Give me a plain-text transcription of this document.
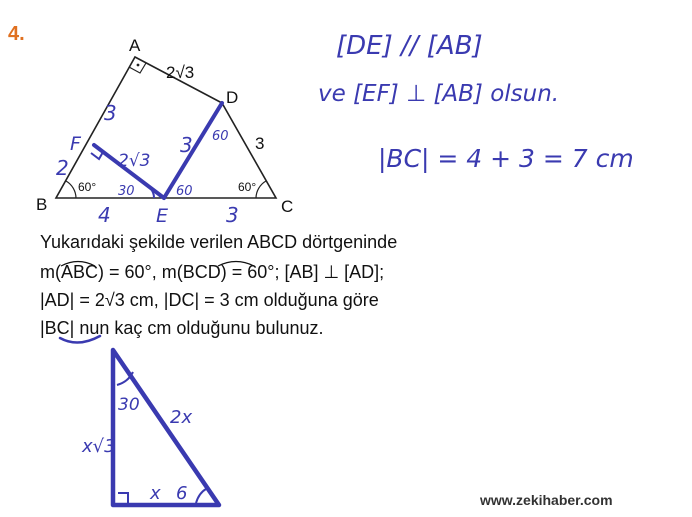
4.
A
B	C
D
2√3
3
60°	60°
F
E
3
2	2√3
3
4	3
30	60
60
[DE] // [AB]
ve [EF] ⊥ [AB] olsun.
|BC| = 4 + 3 = 7 cm
Yukarıdaki şekilde verilen ABCD dörtgeninde
m(ABC) = 60°, m(BCD) = 60°; [AB] ⊥ [AD];
|AD| = 2√3 cm, |DC| = 3 cm olduğuna göre
|BC| nun kaç cm olduğunu bulunuz.
30
2x
x√3
x 6	www.zekihaber.com
